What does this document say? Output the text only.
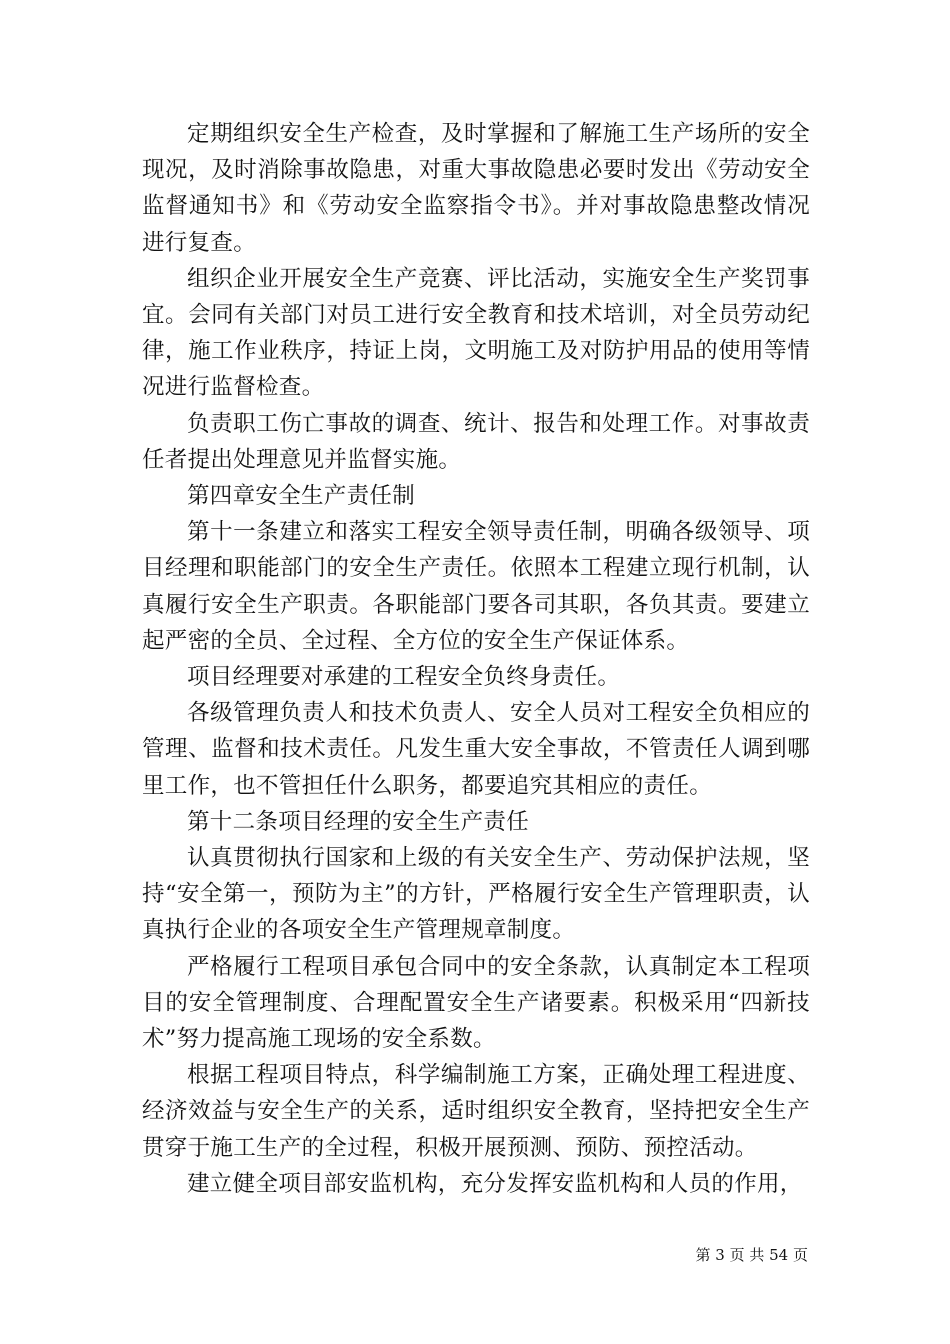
定期组织安全生产检查，及时掌握和了解施工生产场所的安全现况，及时消除事故隐患，对重大事故隐患必要时发出《劳动安全监督通知书》和《劳动安全监察指令书》。并对事故隐患整改情况进行复查。

组织企业开展安全生产竞赛、评比活动，实施安全生产奖罚事宜。会同有关部门对员工进行安全教育和技术培训，对全员劳动纪律，施工作业秩序，持证上岗，文明施工及对防护用品的使用等情况进行监督检查。

负责职工伤亡事故的调查、统计、报告和处理工作。对事故责任者提出处理意见并监督实施。

第四章安全生产责任制

第十一条建立和落实工程安全领导责任制，明确各级领导、项目经理和职能部门的安全生产责任。依照本工程建立现行机制，认真履行安全生产职责。各职能部门要各司其职，各负其责。要建立起严密的全员、全过程、全方位的安全生产保证体系。

项目经理要对承建的工程安全负终身责任。

各级管理负责人和技术负责人、安全人员对工程安全负相应的管理、监督和技术责任。凡发生重大安全事故，不管责任人调到哪里工作，也不管担任什么职务，都要追究其相应的责任。

第十二条项目经理的安全生产责任

认真贯彻执行国家和上级的有关安全生产、劳动保护法规，坚持“安全第一，预防为主”的方针，严格履行安全生产管理职责，认真执行企业的各项安全生产管理规章制度。

严格履行工程项目承包合同中的安全条款，认真制定本工程项目的安全管理制度、合理配置安全生产诸要素。积极采用“四新技术”努力提高施工现场的安全系数。

根据工程项目特点，科学编制施工方案，正确处理工程进度、经济效益与安全生产的关系，适时组织安全教育，坚持把安全生产贯穿于施工生产的全过程，积极开展预测、预防、预控活动。

建立健全项目部安监机构，充分发挥安监机构和人员的作用，

第 3 页 共 54 页
